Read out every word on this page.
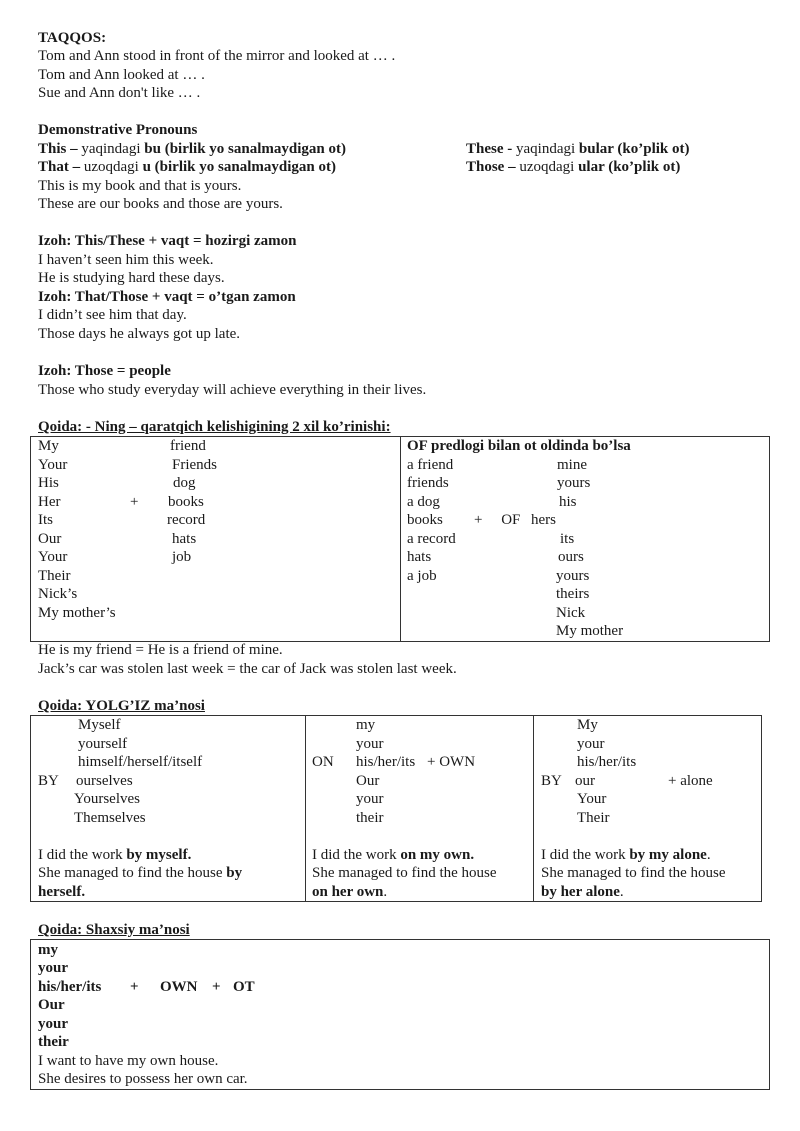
TAQQOS:
Tom and Ann stood in front of the mirror and looked at … .
Tom and Ann looked at … .
Sue and Ann don't like … .
Demonstrative Pronouns
This – yaqindagi bu (birlik yo sanalmaydigan ot)
That – uzoqdagi u (birlik yo sanalmaydigan ot)
These - yaqindagi bular (ko’plik ot)
Those – uzoqdagi ular (ko’plik ot)
This is my book and that is yours.
These are our books and those are yours.
Izoh: This/These + vaqt = hozirgi zamon
I haven’t seen him this week.
He is studying hard these days.
Izoh: That/Those + vaqt = o’tgan zamon
I didn’t see him that day.
Those days he always got up late.
Izoh: Those = people
Those who study everyday will achieve everything in their lives.
Qoida: - Ning – qaratqich kelishigining 2 xil ko’rinishi:
My
Your
His
Her
Its
Our
Your
Their
Nick’s
My mother’s
+
friend
Friends
dog
books
record
hats
job
OF predlogi bilan ot oldinda bo’lsa
a friend
friends
a dog
books
a record
hats
a job
+     OF
mine
yours
his
hers
its
ours
yours
theirs
Nick
My mother
He is my friend = He is a friend of mine.
Jack’s car was stolen last week = the car of Jack was stolen last week.
Qoida: YOLG’IZ ma’nosi
Myself
yourself
himself/herself/itself
BY ourselves
Yourselves
Themselves
I did the work by myself.
She managed to find the house by
herself.
my
your
ON his/her/its + OWN
Our
your
their
I did the work on my own.
She managed to find the house
on her own.
My
your
his/her/its
BY our	+ alone
Your
Their
I did the work by my alone.
She managed to find the house
by her alone.
Qoida: Shaxsiy ma’nosi
my
your
his/her/its + OWN + OT
Our
your
their
I want to have my own house.
She desires to possess her own car.
